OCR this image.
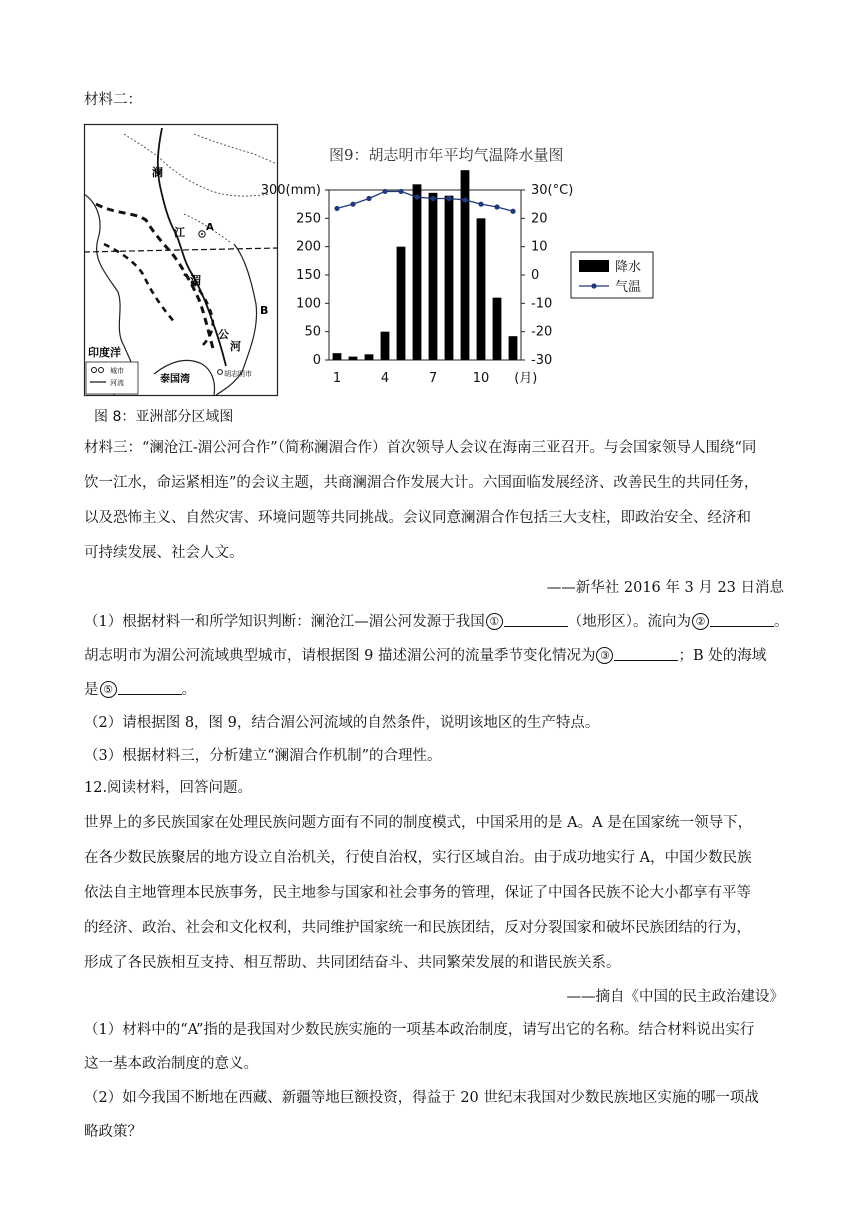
材料二：
城市
河流
澜
江 A
湄
公
河
B
印度洋
泰国湾	胡志明市
图 8：亚洲部分区域图
图9：胡志明市年平均气温降水量图
300(mm)
250
200
150
100
50
0
30(°C)
20
10
0
-10
-20
-30
1	4	7	10 (月)
降水
气温
材料三：“澜沧江-湄公河合作”（简称澜湄合作）首次领导人会议在海南三亚召开。与会国家领导人围绕“同
饮一江水，命运紧相连”的会议主题，共商澜湄合作发展大计。六国面临发展经济、改善民生的共同任务，
以及恐怖主义、自然灾害、环境问题等共同挑战。会议同意澜湄合作包括三大支柱，即政治安全、经济和
可持续发展、社会人文。
——新华社 2016 年 3 月 23 日消息
（1）根据材料一和所学知识判断：澜沧江—湄公河发源于我国 ①	（地形区）。流向为 ②	。
胡志明市为湄公河流域典型城市，请根据图 9 描述湄公河的流量季节变化情况为 ③	；B 处的海域
是 ⑤	。
（2）请根据图 8，图 9，结合湄公河流域的自然条件，说明该地区的生产特点。
（3）根据材料三，分析建立“澜湄合作机制”的合理性。
12.阅读材料，回答问题。
世界上的多民族国家在处理民族问题方面有不同的制度模式，中国采用的是 A。A 是在国家统一领导下，
在各少数民族聚居的地方设立自治机关，行使自治权，实行区域自治。由于成功地实行 A，中国少数民族
依法自主地管理本民族事务，民主地参与国家和社会事务的管理，保证了中国各民族不论大小都享有平等
的经济、政治、社会和文化权利，共同维护国家统一和民族团结，反对分裂国家和破坏民族团结的行为，
形成了各民族相互支持、相互帮助、共同团结奋斗、共同繁荣发展的和谐民族关系。
——摘自《中国的民主政治建设》
（1）材料中的“A”指的是我国对少数民族实施的一项基本政治制度，请写出它的名称。结合材料说出实行
这一基本政治制度的意义。
（2）如今我国不断地在西藏、新疆等地巨额投资，得益于 20 世纪末我国对少数民族地区实施的哪一项战
略政策？
